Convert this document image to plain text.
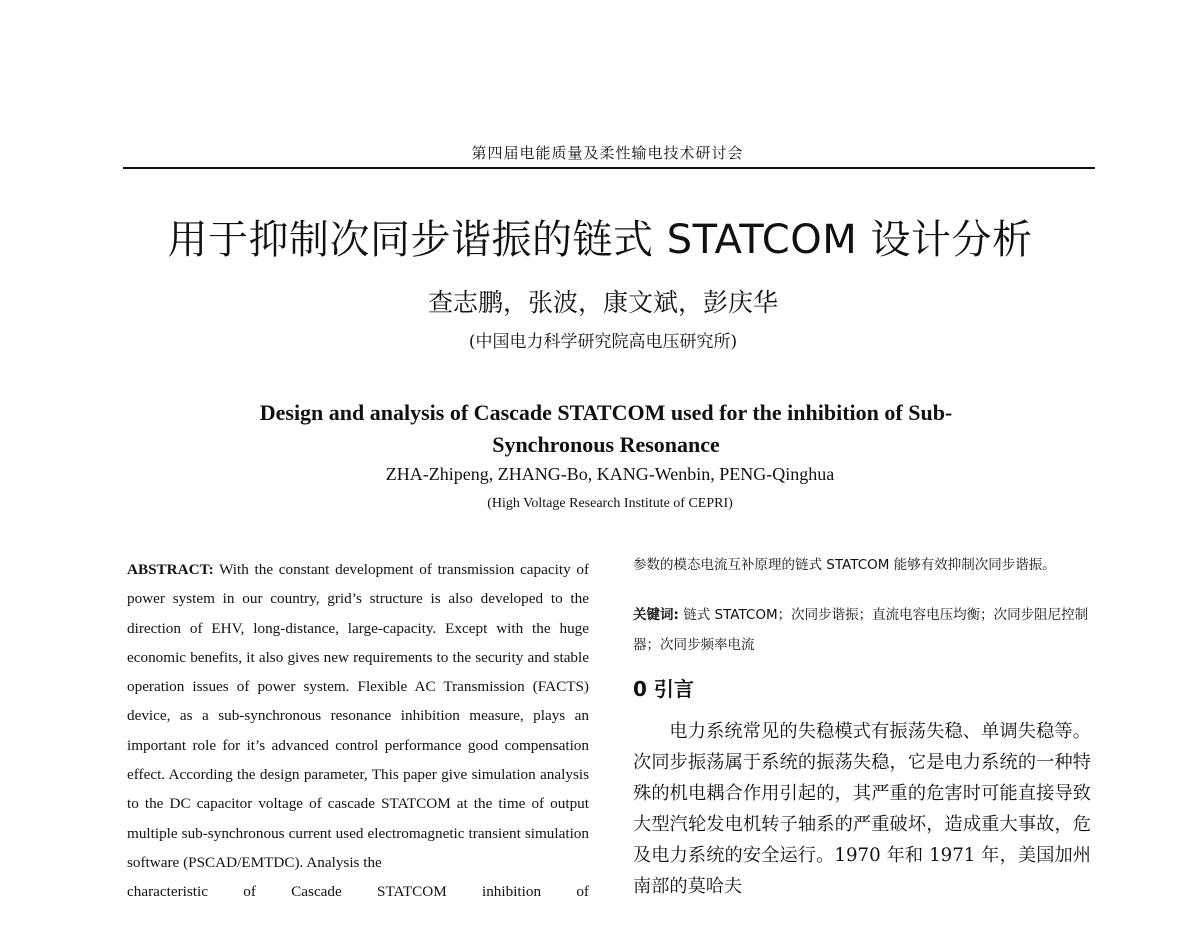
第四届电能质量及柔性输电技术研讨会
用于抑制次同步谐振的链式 STATCOM 设计分析
查志鹏，张波，康文斌，彭庆华
(中国电力科学研究院高电压研究所)
Design and analysis of Cascade STATCOM used for the inhibition of Sub-Synchronous Resonance
ZHA-Zhipeng, ZHANG-Bo, KANG-Wenbin, PENG-Qinghua
(High Voltage Research Institute of CEPRI)

ABSTRACT: With the constant development of transmission capacity of power system in our country, grid’s structure is also developed to the direction of EHV, long-distance, large-capacity. Except with the huge economic benefits, it also gives new requirements to the security and stable operation issues of power system. Flexible AC Transmission (FACTS) device, as a sub-synchronous resonance inhibition measure, plays an important role for it’s advanced control performance good compensation effect. According the design parameter, This paper give simulation analysis to the DC capacitor voltage of cascade STATCOM at the time of output multiple sub-synchronous current used electromagnetic transient simulation software (PSCAD/EMTDC). Analysis the
characteristic of Cascade STATCOM inhibition of

参数的模态电流互补原理的链式 STATCOM 能够有效抑制次同步谐振。

关键词: 链式 STATCOM；次同步谐振；直流电容电压均衡；次同步阻尼控制器；次同步频率电流

0 引言

电力系统常见的失稳模式有振荡失稳、单调失稳等。次同步振荡属于系统的振荡失稳，它是电力系统的一种特殊的机电耦合作用引起的，其严重的危害时可能直接导致大型汽轮发电机转子轴系的严重破坏，造成重大事故，危及电力系统的安全运行。1970 年和 1971 年，美国加州南部的莫哈夫
